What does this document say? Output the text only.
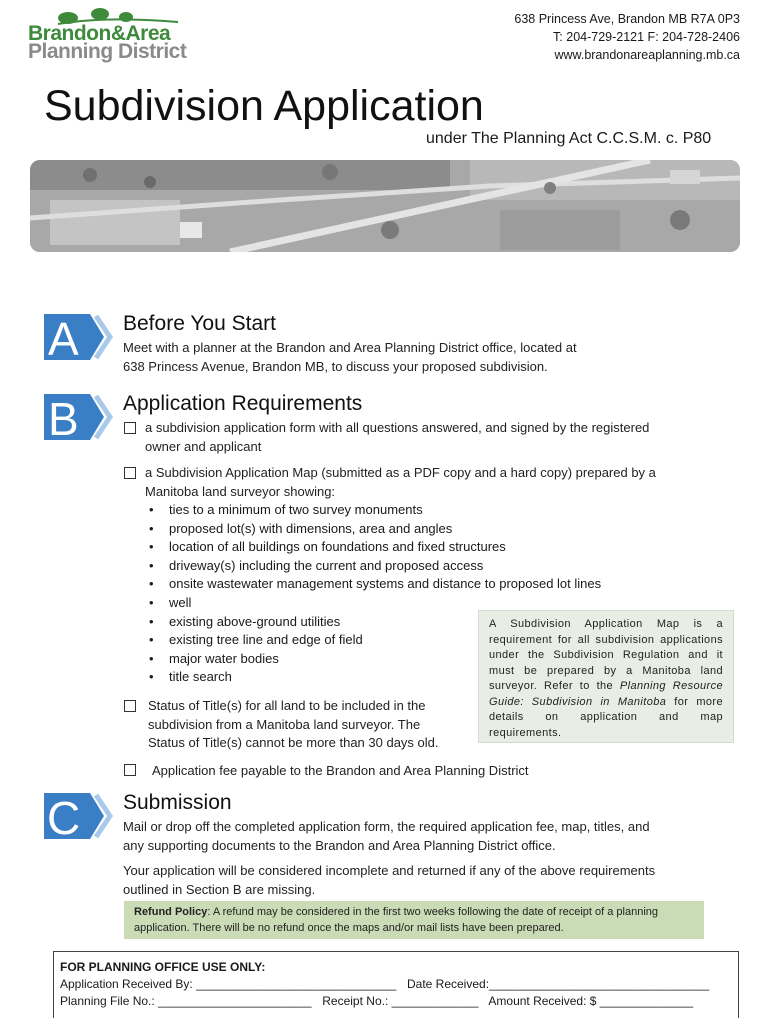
Brandon&Area
Planning District
638 Princess Ave, Brandon MB R7A 0P3
T: 204-729-2121 F: 204-728-2406
www.brandonareaplanning.mb.ca
Subdivision Application
under The Planning Act C.C.S.M. c. P80
A Before You Start
Meet with a planner at the Brandon and Area Planning District office, located at
638 Princess Avenue, Brandon MB, to discuss your proposed subdivision.
B Application Requirements
a subdivision application form with all questions answered, and signed by the registered
owner and applicant
a Subdivision Application Map (submitted as a PDF copy and a hard copy) prepared by a
Manitoba land surveyor showing:
• ties to a minimum of two survey monuments
• proposed lot(s) with dimensions, area and angles
• location of all buildings on foundations and fixed structures
• driveway(s) including the current and proposed access
• onsite wastewater management systems and distance to proposed lot lines
• well
• existing above-ground utilities
• existing tree line and edge of field
• major water bodies
• title search
A Subdivision Application Map is a requirement for all subdivision applications under the Subdivision Regulation and it must be prepared by a Manitoba land surveyor. Refer to the Planning Resource Guide: Subdivision in Manitoba for more details on application and map requirements.
Status of Title(s) for all land to be included in the
subdivision from a Manitoba land surveyor. The
Status of Title(s) cannot be more than 30 days old.
Application fee payable to the Brandon and Area Planning District
C Submission
Mail or drop off the completed application form, the required application fee, map, titles, and
any supporting documents to the Brandon and Area Planning District office.
Your application will be considered incomplete and returned if any of the above requirements
outlined in Section B are missing.
Refund Policy: A refund may be considered in the first two weeks following the date of receipt of a planning application. There will be no refund once the maps and/or mail lists have been prepared.
FOR PLANNING OFFICE USE ONLY:
Application Received By: ______________________________ Date Received:_________________________________
Planning File No.: _______________________ Receipt No.: _____________ Amount Received: $ ______________
